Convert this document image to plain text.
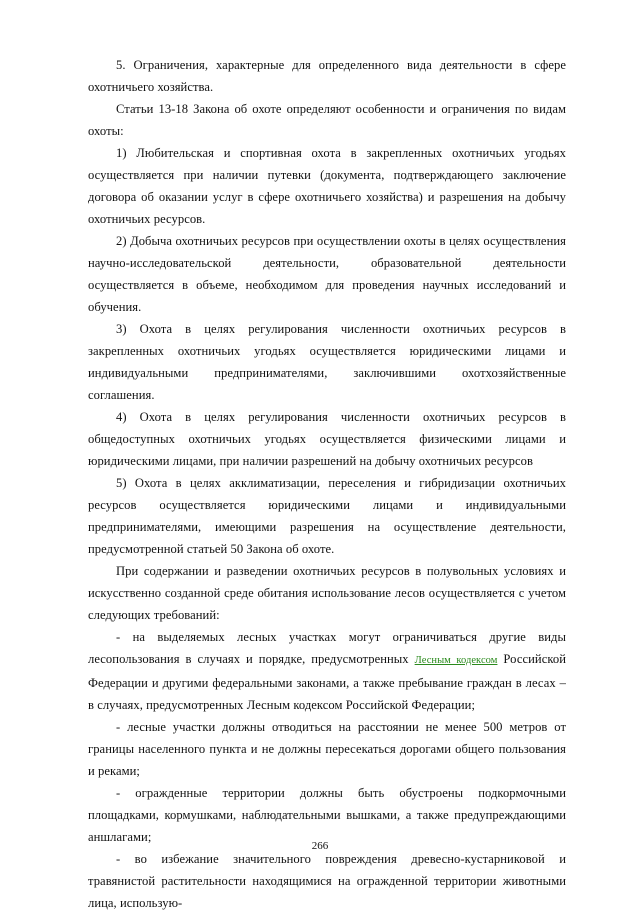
5. Ограничения, характерные для определенного вида деятельности в сфере охотничьего хозяйства.

Статьи 13-18 Закона об охоте определяют особенности и ограничения по видам охоты:

1) Любительская и спортивная охота в закрепленных охотничьих угодьях осуществляется при наличии путевки (документа, подтверждающего заключение договора об оказании услуг в сфере охотничьего хозяйства) и разрешения на добычу охотничьих ресурсов.

2) Добыча охотничьих ресурсов при осуществлении охоты в целях осуществления научно-исследовательской деятельности, образовательной деятельности осуществляется в объеме, необходимом для проведения научных исследований и обучения.

3) Охота в целях регулирования численности охотничьих ресурсов в закрепленных охотничьих угодьях осуществляется юридическими лицами и индивидуальными предпринимателями, заключившими охотхозяйственные соглашения.

4) Охота в целях регулирования численности охотничьих ресурсов в общедоступных охотничьих угодьях осуществляется физическими лицами и юридическими лицами, при наличии разрешений на добычу охотничьих ресурсов

5) Охота в целях акклиматизации, переселения и гибридизации охотничьих ресурсов осуществляется юридическими лицами и индивидуальными предпринимателями, имеющими разрешения на осуществление деятельности, предусмотренной статьей 50 Закона об охоте.

При содержании и разведении охотничьих ресурсов в полувольных условиях и искусственно созданной среде обитания использование лесов осуществляется с учетом следующих требований:

- на выделяемых лесных участках могут ограничиваться другие виды лесопользования в случаях и порядке, предусмотренных Лесным кодексом Российской Федерации и другими федеральными законами, а также пребывание граждан в лесах – в случаях, предусмотренных Лесным кодексом Российской Федерации;

- лесные участки должны отводиться на расстоянии не менее 500 метров от границы населенного пункта и не должны пересекаться дорогами общего пользования и реками;

- огражденные территории должны быть обустроены подкормочными площадками, кормушками, наблюдательными вышками, а также предупреждающими аншлагами;

- во избежание значительного повреждения древесно-кустарниковой и травянистой растительности находящимися на огражденной территории животными лица, использую-

266
